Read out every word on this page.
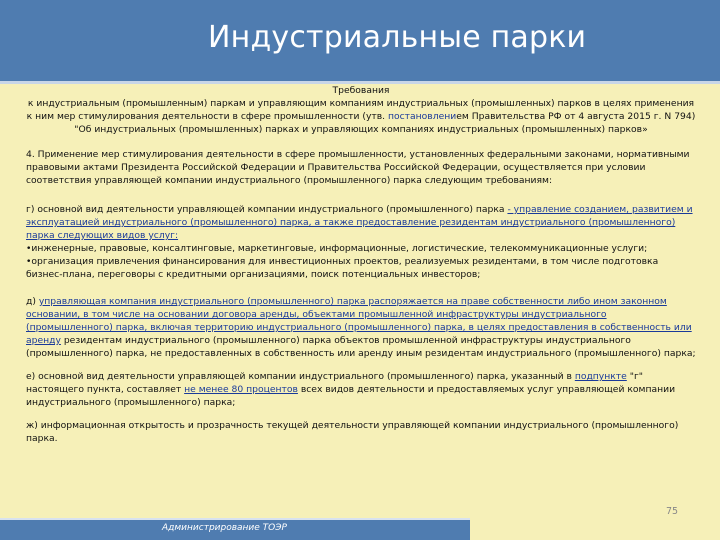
Индустриальные парки
Требования
к индустриальным (промышленным) паркам и управляющим компаниям индустриальных (промышленных) парков в целях применения к ним мер стимулирования деятельности в сфере промышленности (утв. постановлением Правительства РФ от 4 августа 2015 г. N 794) "Об индустриальных (промышленных) парках и управляющих компаниях индустриальных (промышленных) парков»

4. Применение мер стимулирования деятельности в сфере промышленности, установленных федеральными законами, нормативными правовыми актами Президента Российской Федерации и Правительства Российской Федерации, осуществляется при условии соответствия управляющей компании индустриального (промышленного) парка следующим требованиям:

г) основной вид деятельности управляющей компании индустриального (промышленного) парка - управление созданием, развитием и эксплуатацией индустриального (промышленного) парка, а также предоставление резидентам индустриального (промышленного) парка следующих видов услуг:

•инженерные, правовые, консалтинговые, маркетинговые, информационные, логистические, телекоммуникационные услуги;

•организация привлечения финансирования для инвестиционных проектов, реализуемых резидентами, в том числе подготовка бизнес-плана, переговоры с кредитными организациями, поиск потенциальных инвесторов;

д) управляющая компания индустриального (промышленного) парка распоряжается на праве собственности либо ином законном основании, в том числе на основании договора аренды, объектами промышленной инфраструктуры индустриального (промышленного) парка, включая территорию индустриального (промышленного) парка, в целях предоставления в собственность или аренду резидентам индустриального (промышленного) парка объектов промышленной инфраструктуры индустриального (промышленного) парка, не предоставленных в собственность или аренду иным резидентам индустриального (промышленного) парка;
е) основной вид деятельности управляющей компании индустриального (промышленного) парка, указанный в подпункте "г" настоящего пункта, составляет не менее 80 процентов всех видов деятельности и предоставляемых услуг управляющей компании индустриального (промышленного) парка;

ж) информационная открытость и прозрачность текущей деятельности управляющей компании индустриального (промышленного) парка.

75
Администрирование ТОЭР
